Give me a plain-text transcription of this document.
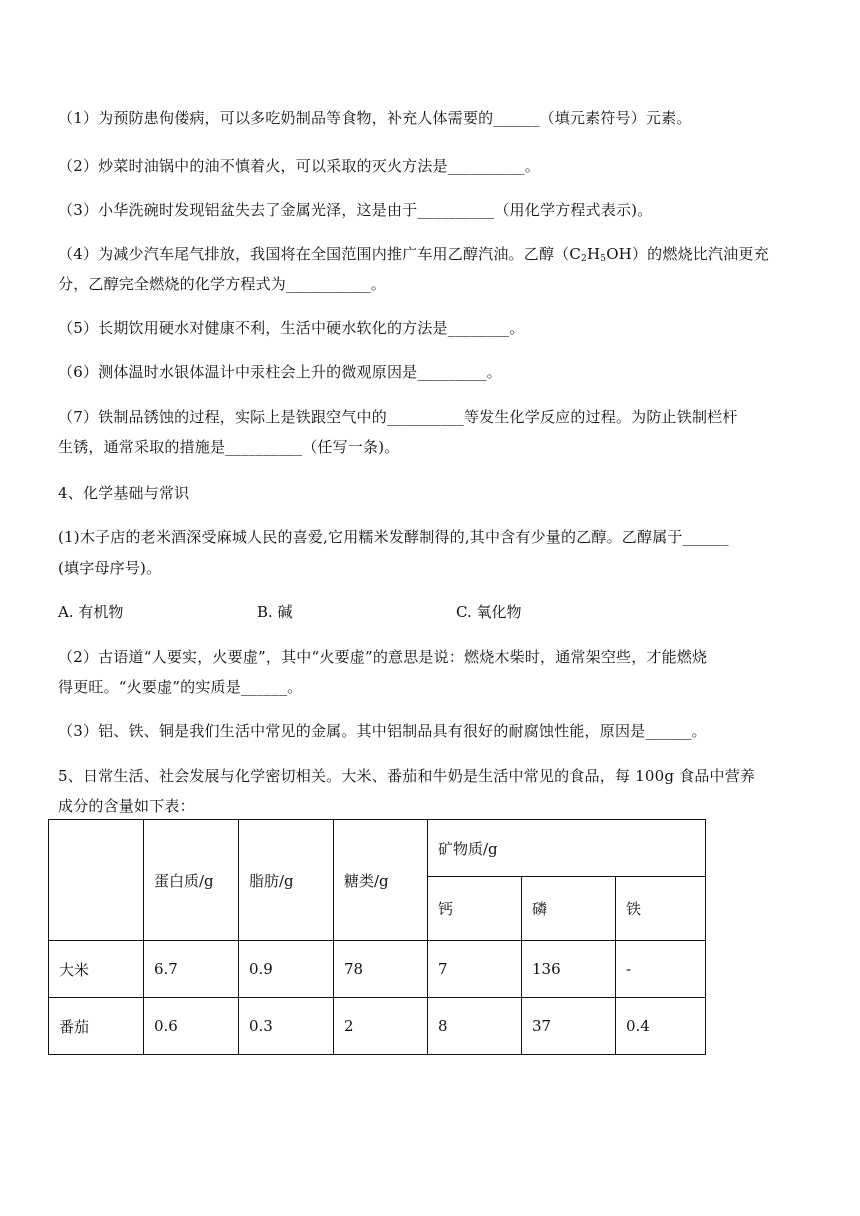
（1）为预防患佝偻病，可以多吃奶制品等食物，补充人体需要的______（填元素符号）元素。
（2）炒菜时油锅中的油不慎着火，可以采取的灭火方法是__________。
（3）小华洗碗时发现铝盆失去了金属光泽，这是由于__________（用化学方程式表示)。
（4）为减少汽车尾气排放，我国将在全国范围内推广车用乙醇汽油。乙醇$(C_2H_5OH)$的燃烧比汽油更充
分，乙醇完全燃烧的化学方程式为___________。
（5）长期饮用硬水对健康不利，生活中硬水软化的方法是________。
（6）测体温时水银体温计中汞柱会上升的微观原因是_________。
（7）铁制品锈蚀的过程，实际上是铁跟空气中的__________等发生化学反应的过程。为防止铁制栏杆
生锈，通常采取的措施是__________（任写一条)。
4、化学基础与常识
(1)木子店的老米酒深受麻城人民的喜爱,它用糯米发酵制得的,其中含有少量的乙醇。乙醇属于______
(填字母序号)。
A. 有机物	B. 碱	C. 氧化物
（2）古语道“人要实，火要虚”，其中“火要虚”的意思是说：燃烧木柴时，通常架空些，才能燃烧
得更旺。“火要虚”的实质是______。
（3）铝、铁、铜是我们生活中常见的金属。其中铝制品具有很好的耐腐蚀性能，原因是______。
5、日常生活、社会发展与化学密切相关。大米、番茄和牛奶是生活中常见的食品，每 100g 食品中营养
成分的含量如下表：
	蛋白质/g	脂肪/g	糖类/g	矿物质/g		
				钙	磷	铁
大米	6.7	0.9	78	7	136	-
番茄	0.6	0.3	2	8	37	0.4
